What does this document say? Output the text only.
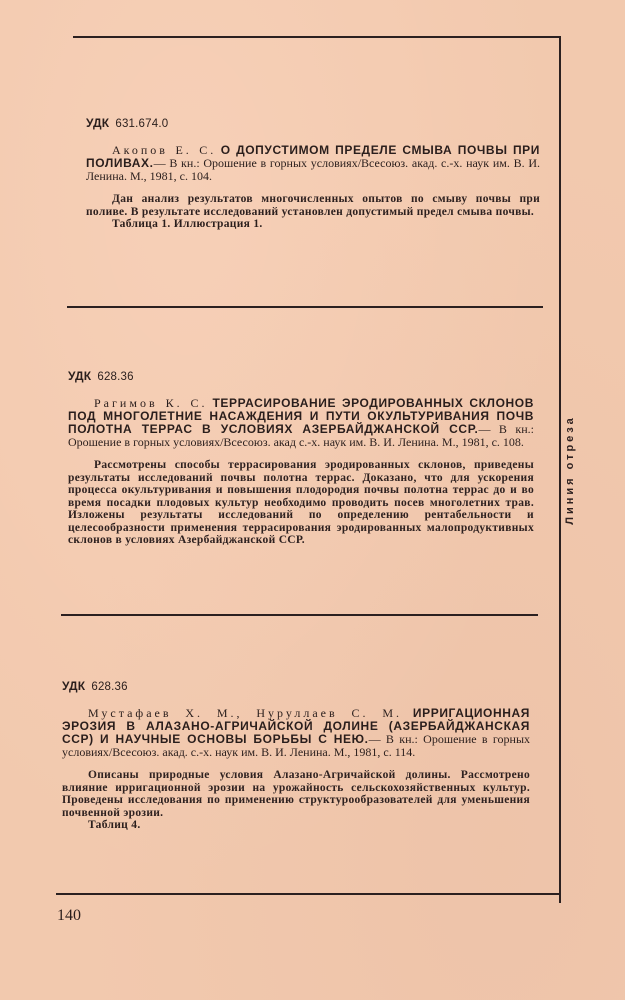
УДК 631.674.0
Акопов Е. С. О ДОПУСТИМОМ ПРЕДЕЛЕ СМЫВА ПОЧВЫ ПРИ ПОЛИВАХ.— В кн.: Орошение в горных условиях/Всесоюз. акад. с.-х. наук им. В. И. Ленина. М., 1981, с. 104.
Дан анализ результатов многочисленных опытов по смыву почвы при поливе. В результате исследований установлен допустимый предел смыва почвы.
Таблица 1. Иллюстрация 1.
УДК 628.36
Рагимов К. С. ТЕРРАСИРОВАНИЕ ЭРОДИРОВАННЫХ СКЛОНОВ ПОД МНОГОЛЕТНИЕ НАСАЖДЕНИЯ И ПУТИ ОКУЛЬТУРИВАНИЯ ПОЧВ ПОЛОТНА ТЕРРАС В УСЛОВИЯХ АЗЕРБАЙДЖАНСКОЙ ССР.— В кн.: Орошение в горных условиях/Всесоюз. акад с.-х. наук им. В. И. Ленина. М., 1981, с. 108.
Рассмотрены способы террасирования эродированных склонов, приведены результаты исследований почвы полотна террас. Доказано, что для ускорения процесса окультуривания и повышения плодородия почвы полотна террас до и во время посадки плодовых культур необходимо проводить посев многолетних трав. Изложены результаты исследований по определению рентабельности и целесообразности применения террасирования эродированных малопродуктивных склонов в условиях Азербайджанской ССР.
УДК 628.36
Мустафаев Х. М., Нуруллаев С. М. ИРРИГАЦИОННАЯ ЭРОЗИЯ В АЛАЗАНО-АГРИЧАЙСКОЙ ДОЛИНЕ (АЗЕРБАЙДЖАНСКАЯ ССР) И НАУЧНЫЕ ОСНОВЫ БОРЬБЫ С НЕЮ.— В кн.: Орошение в горных условиях/Всесоюз. акад. с.-х. наук им. В. И. Ленина. М., 1981, с. 114.
Описаны природные условия Алазано-Агричайской долины. Рассмотрено влияние ирригационной эрозии на урожайность сельскохозяйственных культур. Проведены исследования по применению структурообразователей для уменьшения почвенной эрозии.
Таблиц 4.
Линия отреза
140
